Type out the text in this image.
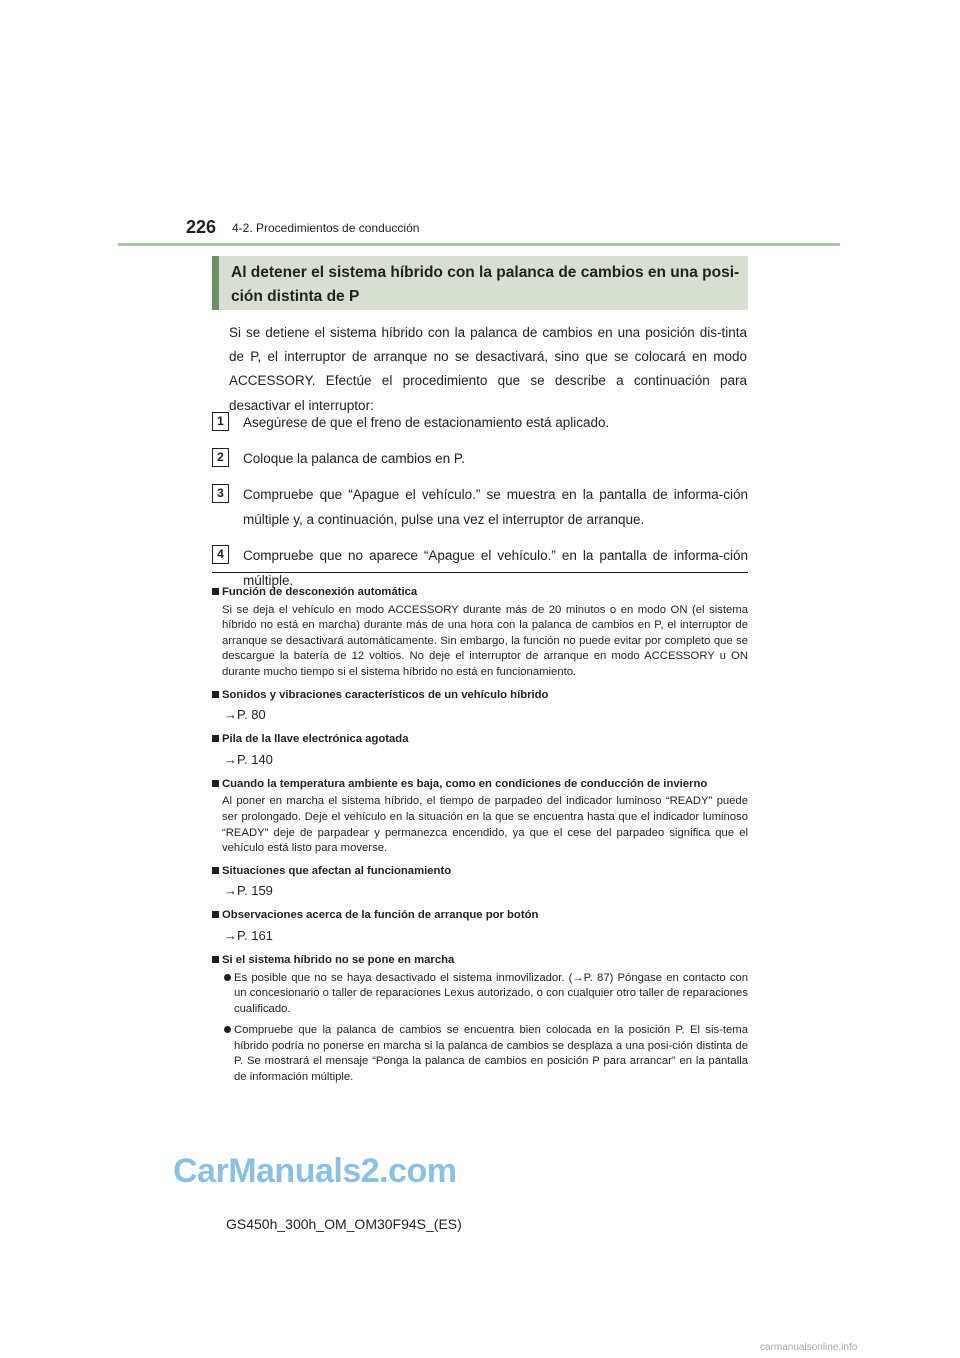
226 4-2. Procedimientos de conducción
Al detener el sistema híbrido con la palanca de cambios en una posi-ción distinta de P
Si se detiene el sistema híbrido con la palanca de cambios en una posición dis-tinta de P, el interruptor de arranque no se desactivará, sino que se colocará en modo ACCESSORY. Efectúe el procedimiento que se describe a continuación para desactivar el interruptor:
1	Asegúrese de que el freno de estacionamiento está aplicado.
2	Coloque la palanca de cambios en P.
3	Compruebe que “Apague el vehículo.” se muestra en la pantalla de informa-ción múltiple y, a continuación, pulse una vez el interruptor de arranque.
4	Compruebe que no aparece “Apague el vehículo.” en la pantalla de informa-ción múltiple.
Función de desconexión automática
Si se deja el vehículo en modo ACCESSORY durante más de 20 minutos o en modo ON (el sistema híbrido no está en marcha) durante más de una hora con la palanca de cambios en P, el interruptor de arranque se desactivará automáticamente. Sin embargo, la función no puede evitar por completo que se descargue la batería de 12 voltios. No deje el interruptor de arranque en modo ACCESSORY u ON durante mucho tiempo si el sistema híbrido no está en funcionamiento.
Sonidos y vibraciones característicos de un vehículo híbrido
→P. 80
Pila de la llave electrónica agotada
→P. 140
Cuando la temperatura ambiente es baja, como en condiciones de conducción de invierno
Al poner en marcha el sistema híbrido, el tiempo de parpadeo del indicador luminoso “READY” puede ser prolongado. Deje el vehículo en la situación en la que se encuentra hasta que el indicador luminoso “READY” deje de parpadear y permanezca encendido, ya que el cese del parpadeo significa que el vehículo está listo para moverse.
Situaciones que afectan al funcionamiento
→P. 159
Observaciones acerca de la función de arranque por botón
→P. 161
Si el sistema híbrido no se pone en marcha
Es posible que no se haya desactivado el sistema inmovilizador. (→P. 87) Póngase en contacto con un concesionario o taller de reparaciones Lexus autorizado, o con cualquier otro taller de reparaciones cualificado.
Compruebe que la palanca de cambios se encuentra bien colocada en la posición P. El sis-tema híbrido podría no ponerse en marcha si la palanca de cambios se desplaza a una posi-ción distinta de P. Se mostrará el mensaje “Ponga la palanca de cambios en posición P para arrancar” en la pantalla de información múltiple.
CarManuals2.com
GS450h_300h_OM_OM30F94S_(ES)
carmanualsonline.info
